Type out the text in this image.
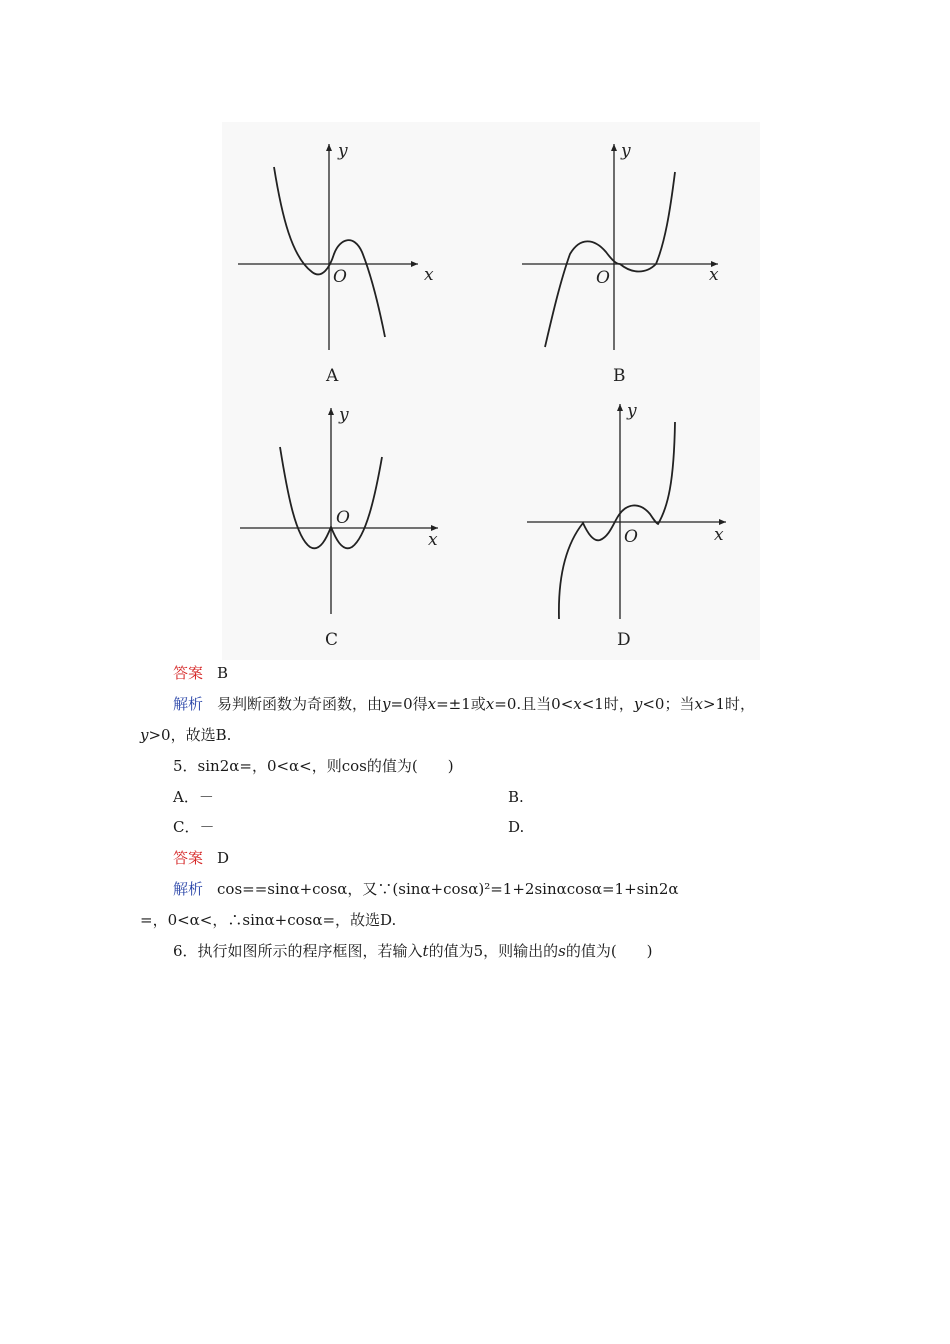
y
x
O
A
y
x
O
B
y
x
O
C
y
x
O
D
答案 B
解析 易判断函数为奇函数，由y=0得x=±1或x=0.且当0<x<1时，y<0；当x>1时，
y>0，故选B.
5．sin2α=，0<α<，则cos的值为(　　)
A．－	B.
C．－	D.
答案 D
解析 cos==sinα+cosα，又∵(sinα+cosα)²=1+2sinαcosα=1+sin2α
=，0<α<，∴sinα+cosα=，故选D.
6．执行如图所示的程序框图，若输入t的值为5，则输出的s的值为(　　)
